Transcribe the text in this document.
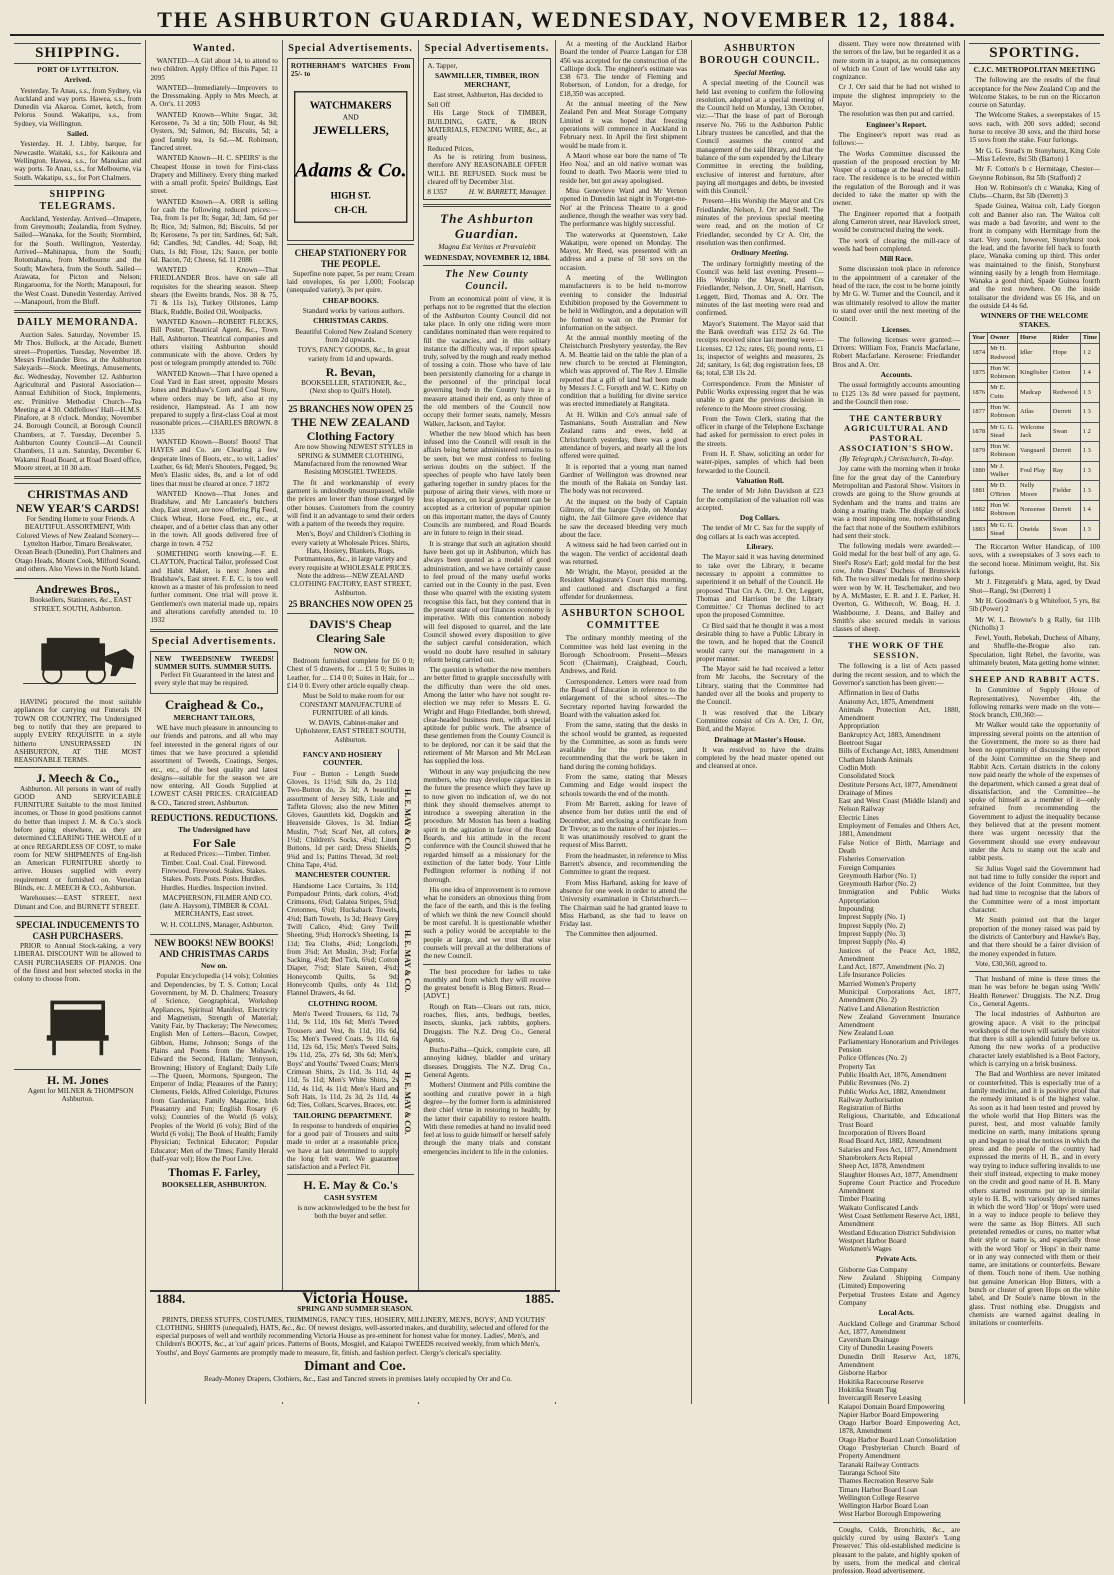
THE ASHBURTON GUARDIAN, WEDNESDAY, NOVEMBER 12, 1884.
SHIPPING.
PORT OF LYTTELTON.
Arrived.

Yesterday. Te Anau, s.s., from Sydney, via Auckland and way ports. Hawea, s.s., from Dunedin via Akaroa. Comet, ketch, from Pelorus Sound. Wakatipu, s.s., from Sydney, via Wellington.

Sailed.

Yesterday. H. J. Libby, barque, for Newcastle. Waitaki, s.s., for Kaikoura and Wellington. Hawea, s.s., for Manukau and way ports. Te Anau, s.s., for Melbourne, via South. Wakatipu, s.s., for Port Chalmers.

SHIPPING TELEGRAMS.

Auckland, Yesterday. Arrived—Omapere, from Greymouth; Zealandia, from Sydney. Sailed—Wanaka, for the South; Stormbird, for the South. Wellington, Yesterday. Arrived—Mahinapua, from the South; Rotomahana, from Melbourne and the South; Mawhera, from the South. Sailed—Arawata, for Picton and Nelson; Ringarooma, for the North; Manapouri, for the West Coast. Dunedin Yesterday. Arrived—Manapouri, from the Bluff.

DAILY MEMORANDA.

Auction Sales. Saturday, November 15. Mr Thos. Bullock, at the Arcade, Burnett street—Properties. Tuesday, November 18. Messrs Friedlander Bros. at the Ashburton Saleyards—Stock. Meetings, Amusements, &c. Wednesday, November 12. Ashburton Agricultural and Pastoral Association—Annual Exhibition of Stock, Implements, etc. Primitive Methodist Church—Tea Meeting at 4 30. Oddfellows' Hall—H.M.S. Pinafore, at 8 o'clock. Monday, November 24. Borough Council, at Borough Council Chambers, at 7. Tuesday, December 5. Ashburton County Council—At Council Chambers, 11 a.m. Saturday, December 6. Wakanui Road Board, at Road Board office, Moore street, at 10 30 a.m.

CHRISTMAS AND NEW YEAR'S CARDS!

For Sending Home to your Friends. A BEAUTIFUL ASSORTMENT, With Colored Views of New Zealand Scenery—Lyttelton Harbor, Timaru Breakwater, Ocean Beach (Dunedin), Port Chalmers and Otago Heads, Mount Cook, Milford Sound, and others. Also Views in the North Island.

Andrewes Bros.,

Booksellers, Stationers, &c., EAST STREET, SOUTH, Ashburton.

HAVING procured the most suitable appliances for carrying out Funerals IN TOWN OR COUNTRY, The Undersigned beg to notify that they are prepared to supply EVERY REQUISITE in a style hitherto UNSURPASSED IN ASHBURTON, AT THE MOST REASONABLE TERMS.

J. Meech & Co.,

Ashburton. All persons in want of really GOOD AND SERVICEABLE FURNITURE Suitable to the most limited incomes, or Those in good positions cannot do better than inspect J. M. & Co.'s stock before going elsewhere, as they are determined CLEARING THE WHOLE of it at once REGARDLESS OF COST, to make room for NEW SHIPMENTS of Eng-lish an American FURNITURE shortly to arrive. Houses supplied with every requirement or furnished on. Venetian Blinds, etc. J. MEECH & CO., Ashburton.

Warehouses:—EAST STREET, next Dimant and Coe, and BURNETT STREET.

SPECIAL INDUCEMENTS TO CASH PURCHASERS.

PRIOR to Annual Stock-taking, a very LIBERAL DISCOUNT Will be allowed to CASH PURCHASERS OF PIANOS. One of the finest and best selected stocks in the colony to choose from.

H. M. Jones

Agent for MILNER & THOMPSON Ashburton.

Wanted.

WANTED—A Girl about 14, to attend to two children. Apply Office of this Paper. 11 2095

WANTED—Immediately—Improvers to the Dressmaking. Apply to Mrs Meech, at A. Orr's. 11 2093

WANTED Known—White Sugar, 3d; Kerosene, 7s 3d a tin; 50lb Flour, 4s 9d; Oysters, 9d; Salmon, 8d; Biscuits, 5d; a good family tea, 1s 6d.—M. Robinson, Tancred street.

WANTED Known—H. C. SPEIRS' is the Cheapest House in town for First-class Drapery and Millinery. Every thing marked with a small profit. Speirs' Buildings, East street.

WANTED Known—A. ORR is selling for cash the following reduced prices:—Tea, from 1s per lb; Sugar, 3d; Jam, 6d per lb; Rice, 3d; Salmon, 8d; Biscuits, 5d per lb; Kerosene, 7s per tin; Sardines, 6d; Salt, 6d; Candles, 9d; Candles, 4d; Soap, 8d; Oats, 1s 8d; Flour, 12s; Sauce, per bottle 6d. Bacon, 7d; Cheese, 6d. 11 2086

WANTED Known—That FRIEDLANDER Bros. have on sale all requisites for the shearing season. Sheep shears (the Eweitts brands, Nos. 38 & 75, 71 & 11s 1s), Turkey Oilstones, Lamp Black, Ruddle, Boiled Oil, Woolpacks.

WANTED Known—ROBERT FLECKS, Bill Poster, Theatrical Agent, &c., Town Hall, Ashburton. Theatrical companies and others visiting Ashburton should communicate with the above. Orders by post or telegram promptly attended to. 760c

WANTED Known—That I have opened a Coal Yard in East street, opposite Messrs Jones and Bradshaw's Corn and Coal Store, where orders may be left, also at my residence, Hampstead. As I am now prepared to supply a first-class Coal at most reasonable prices.—CHARLES BROWN. 8 1335

WANTED Known—Boots! Boots! That HAYES and Co. are Clearing a few desperate lines of Boots, etc., to wit, Ladies' Leather, 6s 6d; Men's Shooters, Pegged, 9s; Men's Elastic sides, 8s, and a lot of odd lines that must be cleared at once. 7 1872

WANTED Known—That Jones and Bradshaw, and Mr Lancaster's butchers shop, East street, are now offering Pig Feed, Chick Wheat, Horse Feed, etc., etc., at cheaper, and of a better class than any other in the town. All goods delivered free of charge in town. 4 752

SOMETHING worth knowing.—F. E. CLAYTON, Practical Tailor, professed Cost and Habit Maker, is next Jones and Bradshaw's, East street. F. E. C. is too well known as a master of his profession to need further comment. One trial will prove it. Gentlemen's own material made up, repairs and alterations carefully attended to. 10 1932

Special Advertisements.
NEW TWEEDS! SUMMER SUITS.
NEW TWEEDS! SUMMER SUITS.

Perfect Fit Guaranteed in the latest and every style that may be required.

Craighead & Co.,
MERCHANT TAILORS,

WE have much pleasure in announcing to our friends and patrons, and all who may feel interested in the general rigors of our times that we have procured a splendid assortment of Tweeds, Coatings, Serges, etc., etc., of the best quality and latest designs—suitable for the season we are now entering. All Goods Supplied at LOWEST CASH PRICES. CRAIGHEAD & CO., Tancred street, Ashburton.

REDUCTIONS. REDUCTIONS.
The Undersigned have
For Sale

at Reduced Prices:—Timber. Timber. Timber. Coal. Coal. Coal. Firewood. Firewood. Firewood. Stakes. Stakes. Stakes. Posts. Posts. Posts. Hurdles. Hurdles. Hurdles. Inspection invited.

MACPHERSON, FILMER AND CO. (late A. Haysom), TIMBER & COAL MERCHANTS, East street.

W. H. COLLINS, Manager, Ashburton.

NEW BOOKS! NEW BOOKS! AND CHRISTMAS CARDS
Now on.

Popular Encyclopedia (14 vols); Colonies and Dependencies, by T. S. Cotton; Local Government, by M. D. Chalmers; Treasury of Science, Geographical, Workshop Appliances, Spiritual Manifest, Electricity and Magnetism, Strength of Material; Vanity Fair, by Thackeray; The Newcomes; English Men of Letters—Bacon, Cowper, Gibbon, Hume, Johnson; Songs of the Plains and Poems from the Mohawk; Edward the Second, Hallam; Tennyson, Browning; History of England; Daily Life—The Queen, Mormons, Spurgeon, The Emperor of India; Pleasures of the Pantry; Clements, Fields, Alfred Coleridge, Pictures from Gardenias; Family Magazine, Irish Pleasantry and Fun; English Rosary (6 vols); Countries of the World (6 vols); Peoples of the World (6 vols); Bird of the World (6 vols); The Book of Health; Family Physician; Technical Educator; Popular Educator; Men of the Times; Family Herald (half-year vol); How the Poor Live.

Thomas F. Farley,
BOOKSELLER, ASHBURTON.
Special Advertisements.
ROTHERHAM'S WATCHES From 25/- to
WATCHMAKERS
AND
JEWELLERS,
Adams & Co.
HIGH ST.
CH-CH.
CHEAP STATIONERY FOR THE PEOPLE.

Superfine note paper, 5s per ream; Cream laid envelopes, 6s per 1,000; Foolscap (unequaled variety), 3s per quire.

CHEAP BOOKS.

Standard works by various authors.

CHRISTMAS CARDS.

Beautiful Colored New Zealand Scenery from 2d upwards.

TOYS, FANCY GOODS, &c., In great variety from 1d and upwards.

R. Bevan,

BOOKSELLER, STATIONER, &c., (Next shop to Quill's Hotel).

25 BRANCHES NOW OPEN 25
THE NEW ZEALAND Clothing Factory

Are now Showing NEWEST STYLES in SPRING & SUMMER CLOTHING, Manufactured from the renowned Wear Resisting MOSGIEL TWEEDS.

The fit and workmanship of every garment is undoubtedly unsurpassed, while the prices are lower than those charged by other houses. Customers from the country will find it an advantage to send their orders with a pattern of the tweeds they require.

Men's, Boys' and Children's Clothing in every variety at Wholesale Prices. Shirts, Hats, Hosiery, Blankets, Rugs, Portmanteaus, &c., in large variety and every requisite at WHOLESALE PRICES. Note the address—NEW ZEALAND CLOTHING FACTORY, EAST STREET, Ashburton.

25 BRANCHES NOW OPEN 25
DAVIS'S Cheap Clearing Sale
NOW ON.

Bedroom furnished complete for £6 0 0; Chest of 5 drawers, for ... £1 5 0; Suites in Leather, for ... £14 0 0; Suites in Hair, for ... £14 0 0. Every other article equally cheap.

Must be Sold to make room for our CONSTANT MANUFACTURE of FURNITURE of all kinds.

W. DAVIS, Cabinet-maker and Upholsterer, EAST STREET SOUTH, Ashburton.

FANCY AND HOSIERY COUNTER.

Four - Button - Length Suede Gloves, 1s 11½d; Silk do, 2s 11d; Two-Button do, 2s 3d; A beautiful assortment of Jersey Silk, Lisle and Taffeta Gloves; also the new Mitten Gloves, Gauntlets kid, Dogskin and Heavenside Gloves, 1s 3d. Indian Muslin, 7½d; Scarf Net, all colors, 1½d; Children's Socks, 4¾d; Linen Buttons, 1d per card; Dress Shields, 9¾d and 1s; Pattins Thread, 3d reel; China Tape, 4¾d.

MANCHESTER COUNTER.

Handsome Lace Curtains, 3s 11d; Pompadour Prints, dark colors, 4½d; Crimsons, 6¾d; Galatea Stripes, 5¾d; Cretonnes, 6¾d; Huckaback Towels, 4¾d; Bath Towels, 1s 3d; Heavy Grey Twill Calico, 4¾d; Grey Twill Sheeting, 9¾d; Horrock's Sheeting, 1s 11d; Tea Cloths, 4¾d; Longcloth, from 3¾d; Art Muslin, 3½d; Forfar Sacking, 4½d; Bed Tick, 6¾d; Cotton Diaper, 7½d; Slate Sateen, 4¾d; Honeycomb Quilts, 5s 9d; Honeycomb Quilts, only 4s 11d; Flannel Drawers, 4s 6d.

CLOTHING ROOM.

Men's Tweed Trousers, 6s 11d, 7s 11d, 9s 11d, 10s 6d; Men's Tweed Trousers and Vest, 8s 11d, 10s 6d, 15s; Men's Tweed Coats, 9s 11d, 6s 11d, 12s 6d, 15s; Men's Tweed Suits, 19s 11d, 25s, 27s 6d, 30s 6d; Men's, Boys' and Youths' Tweed Coats; Men's Crimean Shirts, 2s 11d, 3s 11d, 4s 11d, 5s 11d; Men's White Shirts, 2s 11d, 4s 11d, 4s 11d; Men's Hard and Soft Hats, 1s 11d, 2s 3d, 2s 11d, 4s 6d; Ties, Collars, Scarves, Braces, etc.

TAILORING DEPARTMENT.

In response to hundreds of enquiries for a good pair of Trousers and suits made to order at a reasonable price, we have at last determined to supply the long felt want. We guarantee satisfaction and a Perfect Fit.

H. E. MAY & CO.
H. E. MAY & CO.
H. E. MAY & CO.
H. E. May & Co.'s
CASH SYSTEM

is now acknowledged to be the best for both the buyer and seller.

Special Advertisements.
A. Tapper,
SAWMILLER, TIMBER, IRON MERCHANT,

East street, Ashburton, Has decided to

Sell Off

His Large Stock of TIMBER, BUILDING, GATE, & IRON MATERIALS, FENCING WIRE, &c., at greatly

Reduced Prices,

As he is retiring from business, therefore ANY REASONABLE OFFER WILL BE REFUSED. Stock must be cleared off by December 31st.

8 1357	H. W. BARRETT, Manager.
The Ashburton Guardian.
Magna Est Veritas et Prævalebit
WEDNESDAY, NOVEMBER 12, 1884.
The New County Council.

From an economical point of view, it is perhaps not to be regretted that the election of the Ashburton County Council did not take place. In only one riding were more candidates nominated than were required to fill the vacancies, and in this solitary instance the difficulty was, if report speaks truly, solved by the rough and ready method of tossing a coin. Those who have of late been persistently clamoring for a change in the personnel of the principal local governing body in the County have in a measure attained their end, as only three of the old members of the Council now occupy their former seats, namely, Messrs Walker, Jackson, and Taylor.

Whether the new blood which has been infused into the Council will result in the affairs being better administered remains to be seen, but we must confess to feeling serious doubts on the subject. If the speeches of people who have lately been gathering together in sundry places for the purpose of airing their views, with more or less eloquence, on local government can be accepted as a criterion of popular opinion on this important matter, the days of County Councils are numbered, and Road Boards are in future to reign in their stead.

It is strange that such an agitation should have been got up in Ashburton, which has always been quoted as a model of good administration, and we have certainly cause to feel proud of the many useful works carried out in the County in the past. Even those who quarrel with the existing system recognise this fact, but they contend that in the present state of our finances economy is imperative. With this contention nobody will feel disposed to quarrel, and the late Council showed every disposition to give the subject careful consideration, which would no doubt have resulted in salutary reform being carried out.

The question is whether the new members are better fitted to grapple successfully with the difficulty than were the old ones. Among the latter who have not sought re-election we may refer to Messrs E. G. Wright and Hugo Friedlander, both shrewd, clear-headed business men, with a special aptitude for public work. The absence of these gentlemen from the County Council is to be deplored, nor can it be said that the retirement of Mr Marson and Mr McLean has supplied the loss.

Without in any way prejudicing the new members, who may develope capacities in the future the presence which they have up to now given no indication of, we do not think they should themselves attempt to introduce a sweeping alteration in the procedure. Mr Moston has been a leading spirit in the agitation in favor of the Road Boards, and his attitude in the recent conference with the Council showed that he regarded himself as a missionary for the extinction of the latter body. Your Little Pedlington reformer is nothing if not thorough.

His one idea of improvement is to remove what he considers an obnoxious thing from the face of the earth, and this is the feeling of which we think the new Council should be most careful. It is questionable whether such a policy would be acceptable to the people at large, and we trust that wise counsels will prevail at the deliberations of the new Council.

The best procedure for ladies to take monthly and from which they will receive the greatest benefit is Blog Bitters. Read—[ADVT.]

Rough on Rats—Clears out rats, mice, roaches, flies, ants, bedbugs, beetles, insects, skunks, jack rabbits, gophers. Druggists. The N.Z. Drug Co., General Agents.

Buchu-Paiba—Quick, complete cure, all annoying kidney, bladder and urinary diseases. Druggists. The N.Z. Drug Co., General Agents.

Mothers! Ointment and Pills combine the soothing and curative power in a high degree—by the former form is administered their chief virtue in restoring to health; by the latter their capability to restore health. With these remedies at hand no invalid need feel at loss to guide himself or herself safely through the many trials and constant emergencies incident to life in the colonies.

At a meeting of the Auckland Harbor Board the tender of Pearce Langan for £38 456 was accepted for the construction of the Calliope dock. The engineer's estimate was £38 673. The tender of Fleming and Robertson, of London, for a dredge, for £18,350 was accepted.

At the annual meeting of the New Zealand Pen and Meat Storage Company Limited it was hoped that freezing operations will commence in Auckland in February next. In April the first shipment would be made from it.

A Maori whose ear bore the name of 'Te Heo Noa,' and an old native woman was found to death. Two Maoris were tried to reside her, but got away apologised.

Miss Genevieve Ward and Mr Vernon opened in Dunedin last night in 'Forget-me-Not' at the Princess Theatre to a good audience, though the weather was very bad. The performance was highly successful.

The waterworks at Queenstown, Lake Wakatipu, were opened on Monday. The Mayor, Mr Reed, was presented with an address and a purse of 50 sovs on the occasion.

A meeting of the Wellington manufacturers is to be held to-morrow evening to consider the Industrial Exhibition proposed by the Government to be held in Wellington, and a deputation will be formed to wait on the Premier for information on the subject.

At the annual monthly meeting of the Christchurch Presbytery yesterday, the Rev A. M. Beattie laid on the table the plan of a new church to be erected at Flemington, which was approved of. The Rev J. Elmslie reported that a gift of land had been made by Messrs J. C. Forsyth and W. C. Kirby on condition that a building for divine service was erected immediately at Rangitata.

At H. Wilkin and Co's annual sale of Tasmanians, South Australian and New Zealand rams and ewes, held at Christchurch yesterday, there was a good attendance of buyers, and nearly all the lots offered were quitted.

It is reported that a young man named Gardner of Wellington was drowned near the mouth of the Rakaia on Sunday last. The body was not recovered.

At the inquest on the body of Captain Gilmore, of the barque Clyde, on Monday night, the Jail Gilmore gave evidence that he saw the deceased bleeding very much about the face.

A witness said he had been carried out in the wagon. The verdict of accidental death was returned.

Mr Wright, the Mayor, presided at the Resident Magistrate's Court this morning, and cautioned and discharged a first offender for drunkenness.

ASHBURTON SCHOOL COMMITTEE

The ordinary monthly meeting of the Committee was held last evening in the Borough Schoolroom. Present—Messrs Scott (Chairman), Craighead, Couch, Andrews, and Reid.

Correspondence. Letters were read from the Board of Education in reference to the enlargement of the school sites.—The Secretary reported having forwarded the Board with the valuation asked for.

From the same, stating that the desks in the school would be granted, as requested by the Committee, as soon as funds were available for the purpose, and recommending that the work be taken in hand during the coming holidays.

From the same, stating that Messrs Cumming and Edge would inspect the schools towards the end of the month.

From Mr Barrett, asking for leave of absence from her duties until the end of December, and enclosing a certificate from Dr Trevor, as to the nature of her injuries.—It was unanimously resolved to grant the request of Miss Barrett.

From the headmaster, in reference to Miss Barrett's absence, and recommending the Committee to grant the request.

From Miss Harband, asking for leave of absence for one week in order to attend the University examination in Christchurch.—The Chairman said he had granted leave to Miss Harband, as she had to leave on Friday last.

The Committee then adjourned.

ASHBURTON BOROUGH COUNCIL.
Special Meeting.

A special meeting of the Council was held last evening to confirm the following resolution, adopted at a special meeting of the Council held on Monday, 13th October, viz:—'That the lease of part of Borough reserve No. 766 to the Ashburton Public Library trustees be cancelled, and that the Council assumes the control and management of the said library, and that the balance of the sum expended by the Library Committee in erecting the building, exclusive of interest and furniture, after paying all mortgages and debts, be invested with this Council.'

Present—His Worship the Mayor and Crs Friedlander, Nelson, J. Orr and Snell. The minutes of the previous special meeting were read, and on the motion of Cr Friedlander, seconded by Cr A. Orr, the resolution was then confirmed.

Ordinary Meeting.

The ordinary fortnightly meeting of the Council was held last evening. Present—His Worship the Mayor, and Crs Friedlander, Nelson, J. Orr, Snell, Harrison, Leggett, Bird, Thomas and A. Orr. The minutes of the last meeting were read and confirmed.

Mayor's Statement. The Mayor said that the Bank overdraft was £152 2s 6d. The receipts received since last meeting were:—Licenses, £2 12s; rates, £6; pound rents, £1 1s; inspector of weights and measures, 2s 2d; sanitary, 1s 6d; dog registration fees, £8 6s; total, £38 13s 2d.

Correspondence. From the Minister of Public Works expressing regret that he was unable to grant the previous decision in reference to the Moore street crossing.

From the Town Clerk, stating that the officer in charge of the Telephone Exchange had asked for permission to erect poles in the streets.

From H. F. Shaw, soliciting an order for water-pipes, samples of which had been forwarded to the Council.

Valuation Roll.

The tender of Mr John Davidson at £23 for the compilation of the valuation roll was accepted.

Dog Collars.

The tender of Mr C. Sax for the supply of dog collars at 1s each was accepted.

Library.

The Mayor said it was having determined to take over the Library, it became necessary to appoint a committee to superintend it on behalf of the Council. He proposed 'That Crs A. Orr, J. Orr, Leggett, Thomas and Harrison be the Library Committee.' Cr Thomas declined to act upon the proposed Committee.

Cr Bird said that he thought it was a most desirable thing to have a Public Library in the town, and he hoped that the Council would carry out the management in a proper manner.

The Mayor said he had received a letter from Mr Jacobs, the Secretary of the Library, stating that the Committee had handed over all the books and property to the Council.

It was resolved that the Library Committee consist of Crs A. Orr, J. Orr, Bird, and the Mayor.

Drainage at Master's House.

It was resolved to have the drains completed by the head master opened out and cleansed at once.

dissent. They were now threatened with the terrors of the law, but he regarded it as a mere storm in a teapot, as no consequences of which no Court of law would take any cognizance.

Cr J. Orr said that he had not wished to impute the slightest impropriety to the Mayor.

The resolution was then put and carried.

Engineer's Report.

The Engineer's report was read as follows:—

The Works Committee discussed the question of the proposed erection by Mr Vosper of a cottage at the head of the mill-race. The residence is to be erected within the regulation of the Borough and it was decided to take the matter up with the owner.

The Engineer reported that a footpath along Cameron street, near Havelock street, would be constructed during the week.

The work of clearing the mill-race of weeds had been completed.

Mill Race.

Some discussion took place in reference to the appointment of a caretaker of the head of the race, the cost to be borne jointly by Mr G. W. Turner and the Council, and it was ultimately resolved to allow the matter to stand over until the next meeting of the Council.

Licenses.

The following licenses were granted:—Drivers: William Fox, Francis Macfarlane, Robert Macfarlane. Kerosene: Friedlander Bros and A. Orr.

Accounts.

The usual fortnightly accounts amounting to £125 13s 8d were passed for payment, and the Council then rose.

THE CANTERBURY AGRICULTURAL AND PASTORAL ASSOCIATION'S SHOW.
(By Telegraph.) Christchurch, To-day.

Joy came with the morning when it broke fine for the great day of the Canterbury Metropolitan and Pastoral Show. Visitors in crowds are going to the Show grounds at Sydenham and the trams and trains are doing a roaring trade. The display of stock was a most imposing one, notwithstanding the fact that none of the Southern exhibitors had sent their stock.

The following medals were awarded:—Gold medal for the best bull of any age, G. Steel's Rose's Earl; gold medal for the best cow, John Deans' Duchess of Brunswick 6th. The two silver medals for merino sheep were won by W. H. Teschemaker, and two by A. McMaster, E. R. and J. E. Parker, H. Overton, G. Withecoft, W. Boag, H. J. Washbourne, J. Deans, and Bailey and Smith's also secured medals in various classes of sheep.

THE WORK OF THE SESSION.

The following is a list of Acts passed during the recent session, and to which the Governor's sanction has been given:—

Affirmation in lieu of Oaths
Anatomy Act, 1875, Amendment
Animals Protection Act, 1880, Amendment
Appropriation
Bankruptcy Act, 1883, Amendment
Beetroot Sugar
Bills of Exchange Act, 1883, Amendment
Chatham Islands Animals
Codlin Moth
Consolidated Stock
Destitute Persons Act, 1877, Amendment
Drainage of Mines
East and West Coast (Middle Island) and Nelson Railway
Electric Lines
Employment of Females and Others Act, 1881, Amendment
False Notice of Birth, Marriage and Death
Fisheries Conservation
Foreign Companies
Greymouth Harbor (No. 1)
Greymouth Harbor (No. 2)
Immigration and Public Works Appropriation
Impounding
Imprest Supply (No. 1)
Imprest Supply (No. 2)
Imprest Supply (No. 3)
Imprest Supply (No. 4)
Justices of the Peace Act, 1882, Amendment
Land Act, 1877, Amendment (No. 2)
Life Insurance Policies
Married Women's Property
Municipal Corporations Act, 1877, Amendment (No. 2)
Native Land Alienation Restriction
New Zealand Government Insurance Amendment
New Zealand Loan
Parliamentary Honorarium and Privileges
Pension
Police Offences (No. 2)
Property Tax
Public Health Act, 1876, Amendment
Public Revenues (No. 2)
Public Works Act, 1882, Amendment
Railway Authorisation
Registration of Births
Religious, Charitable, and Educational Trust Board
Incorporation of Rivers Board
Road Board Act, 1882, Amendment
Salaries and Fees Act, 1877, Amendment
Sharebrokers Acts Repeal
Sheep Act, 1878, Amendment
Slaughter Houses Act, 1877, Amendment
Supreme Court Practice and Procedure Amendment
Timber Floating
Waikato Confiscated Lands
West Coast Settlement Reserve Act, 1881, Amendment
Westland Education District Subdivision
Westport Harbor Board
Workmen's Wages
Private Acts.
Gisborne Gas Company
New Zealand Shipping Company (Limited) Empowering
Perpetual Trustees Estate and Agency Company
Local Acts.
Auckland College and Grammar School Act, 1877, Amendment
Caversham Drainage
City of Dunedin Leasing Powers
Dunedin Drill Reserve Act, 1876, Amendment
Gisborne Harbor
Hokitika Racecourse Reserve
Hokitika Steam Tug
Invercargill Reserve Leasing
Kaiapoi Domain Board Empowering
Napier Harbor Board Empowering
Otago Harbor Board Empowering Act, 1878, Amendment
Otago Harbor Board Loan Consolidation
Otago Presbyterian Church Board of Property Amendment
Taranaki Railway Contracts
Tauranga School Site
Thames Recreation Reserve Sale
Timaru Harbor Board Loan
Wellington College Reserve
Wellington Harbor Board Loan
West Harbor Borough Empowering

Coughs, Colds, Bronchitis, &c., are quickly cured by using Baxter's 'Lung Preserver.' This old-established medicine is pleasant to the palate, and highly spoken of by users, from the medical and clerical profession. Read advertisement.

SPORTING.
C.J.C. METROPOLITAN MEETING

The following are the results of the final acceptance for the New Zealand Cup and the Welcome Stakes, to be run on the Riccarton course on Saturday.

The Welcome Stakes, a sweepstakes of 15 sovs each, with 200 sovs added; second horse to receive 30 sovs, and the third horse 15 sovs from the stake. Four furlongs.

Mr G. G. Stead's m Stonyhurst, King Cole—Miss Lefevre, 8st 5lb (Barton) 1

Mr F. Cotton's b c Hermitage, Chester—Gwynne Robinson, 8st 5lb (Stafford) 2

Hon W. Robinson's ch c Wanaka, King of Clubs—Charm, 8st 5lb (Derrett) 3

Spade Guinea, Waitoa colt, Lady Gorgon colt and Banner also ran. The Waitoa colt was made a bad favorite, and went to the front in company with Hermitage from the start. Very soon, however, Stonyhurst took the lead, and the favorite fell back to fourth place, Wanaka coming up third. This order was maintained to the finish, Stonyhurst winning easily by a length from Hermitage. Wanaka a good third, Spade Guinea fourth and the rest nowhere. On the inside totalisator the dividend was £6 16s, and on the outside £4 4s 6d.

WINNERS OF THE WELCOME STAKES.
Year	Owner	Horse	Rider	Time
1874	Mr H. Redwood	Idler	Hope	1 2
1875	Hon W. Robinson	Kingfisher	Cotton	1 4
1876	Mr E. Cutts	Madcap	Redwood	1 3
1877	Hon W. Robinson	Atlas	Derrett	1 3
1878	Mr G. G. Stead	Welcome Jack	Swan	1 2
1879	Hon W. Robinson	Vanguard	Derrett	1 3
1880	Mr J. Walker	Foul Play	Ray	1 3
1881	Mr D. O'Brien	Nelly Moore	Fielder	1 3
1882	Hon W. Robinson	Nonsense	Derrett	1 4
1883	Mr G. G. Stead	Oneida	Swan	1 3

The Riccarton Welter Handicap, of 100 sovs, with a sweepstakes of 3 sovs each to the second horse. Minimum weight, 8st. Six furlongs.

Mr J. Fitzgerald's g Mata, aged, by Dead Shot—Rangi, 9st (Derrett) 1

Mr H. Goodman's b g Whitefoot, 5 yrs, 8st 5lb (Power) 2

Mr W. L. Browne's b g Rally, 6st 11lb (Nicholls) 3

Fewl, Youth, Rebekah, Duchess of Albany, and Shuffle-the-Brogue also ran. Speculation, light Rebel, the favorite, was ultimately beaten, Mata getting home winner.

SHEEP AND RABBIT ACTS.

In Committee of Supply (House of Representatives), November 4th, the following remarks were made on the vote—Stock branch, £30,360:—

Mr Walker would take the opportunity of impressing several points on the attention of the Government, the more so as there had been no opportunity of discussing the report of the Joint Committee on the Sheep and Rabbit Acts. Certain districts in the colony now paid nearly the whole of the expenses of the department, which caused a great deal of dissatisfaction, and the Committee—he spoke of himself as a member of it—only refrained from recommending the Government to adjust the inequality because they believed that at the present moment there was urgent necessity that the Government should use every endeavour under the Acts to stamp out the scab and rabbit pests.

Sir Julius Vogel said the Government had not had time to fully consider the report and evidence of the Joint Committee, but they had had time to recognise that the labors of the Committee were of a most important character.

Mr Smith pointed out that the larger proportion of the money raised was paid by the districts of Canterbury and Hawke's Bay, and that there should be a fairer division of the money expended in future.

Vote, £30,360, agreed to.

That husband of mine is three times the man he was before he began using 'Wells' Health Renewer.' Druggists. The N.Z. Drug Co., General Agents.

The local industries of Ashburton are growing apace. A visit to the principal workshops of the town will satisfy the visitor that there is still a splendid future before us. Among the new works of a productive character lately established is a Boot Factory, which is carrying on a brisk business.

The Bad and Worthless are never imitated or counterfeited. This is especially true of a family medicine, and it is positive proof that the remedy imitated is of the highest value. As soon as it had been tested and proved by the whole world that Hop Bitters was the purest, best, and most valuable family medicine on earth, many imitations sprung up and began to steal the notices in which the press and the people of the country had expressed the merits of H. B., and in every way trying to induce suffering invalids to use their stuff instead, expecting to make money on the credit and good name of H. B. Many others started nostrums put up in similar style to H. B., with variously devised names in which the word 'Hop' or 'Hops' were used in a way to induce people to believe they were the same as Hop Bitters. All such pretended remedies or cures, no matter what their style or name is, and especially those with the word 'Hop' or 'Hops' in their name or in any way connected with them or their name, are imitations or counterfeits. Beware of them. Touch none of them. Use nothing but genuine American Hop Bitters, with a bunch or cluster of green Hops on the white label, and Dr Soule's name blown in the glass. Trust nothing else. Druggists and chemists are warned against dealing in imitations or counterfeits.

1884.	Victoria House.	1885.
SPRING AND SUMMER SEASON.

PRINTS, DRESS STUFFS, COSTUMES, TRIMMINGS, FANCY TIES, HOSIERY, MILLINERY, MEN'S, BOYS', AND YOUTHS' CLOTHING, SHIRTS (unequaled), HATS, &c., &c. Of newest designs, well-assorted makes, and durability, selected and offered for the especial purposes of well and worthily recommending Victoria House as pre-eminent for honest value for money. Ladies', Men's, and Children's BOOTS, &c., at 'cut' again' prices. Patterns of Boots, Mosgiel, and Kaiapoi TWEEDS received weekly, from which Men's, Youths', and Boys' Garments are promptly made to measure, fit, finish, and fashion perfect. Clergy's clerical's speciality.

Dimant and Coe.

Ready-Money Drapers, Clothiers, &c., East and Tancred streets in premises lately occupied by Orr and Co.
